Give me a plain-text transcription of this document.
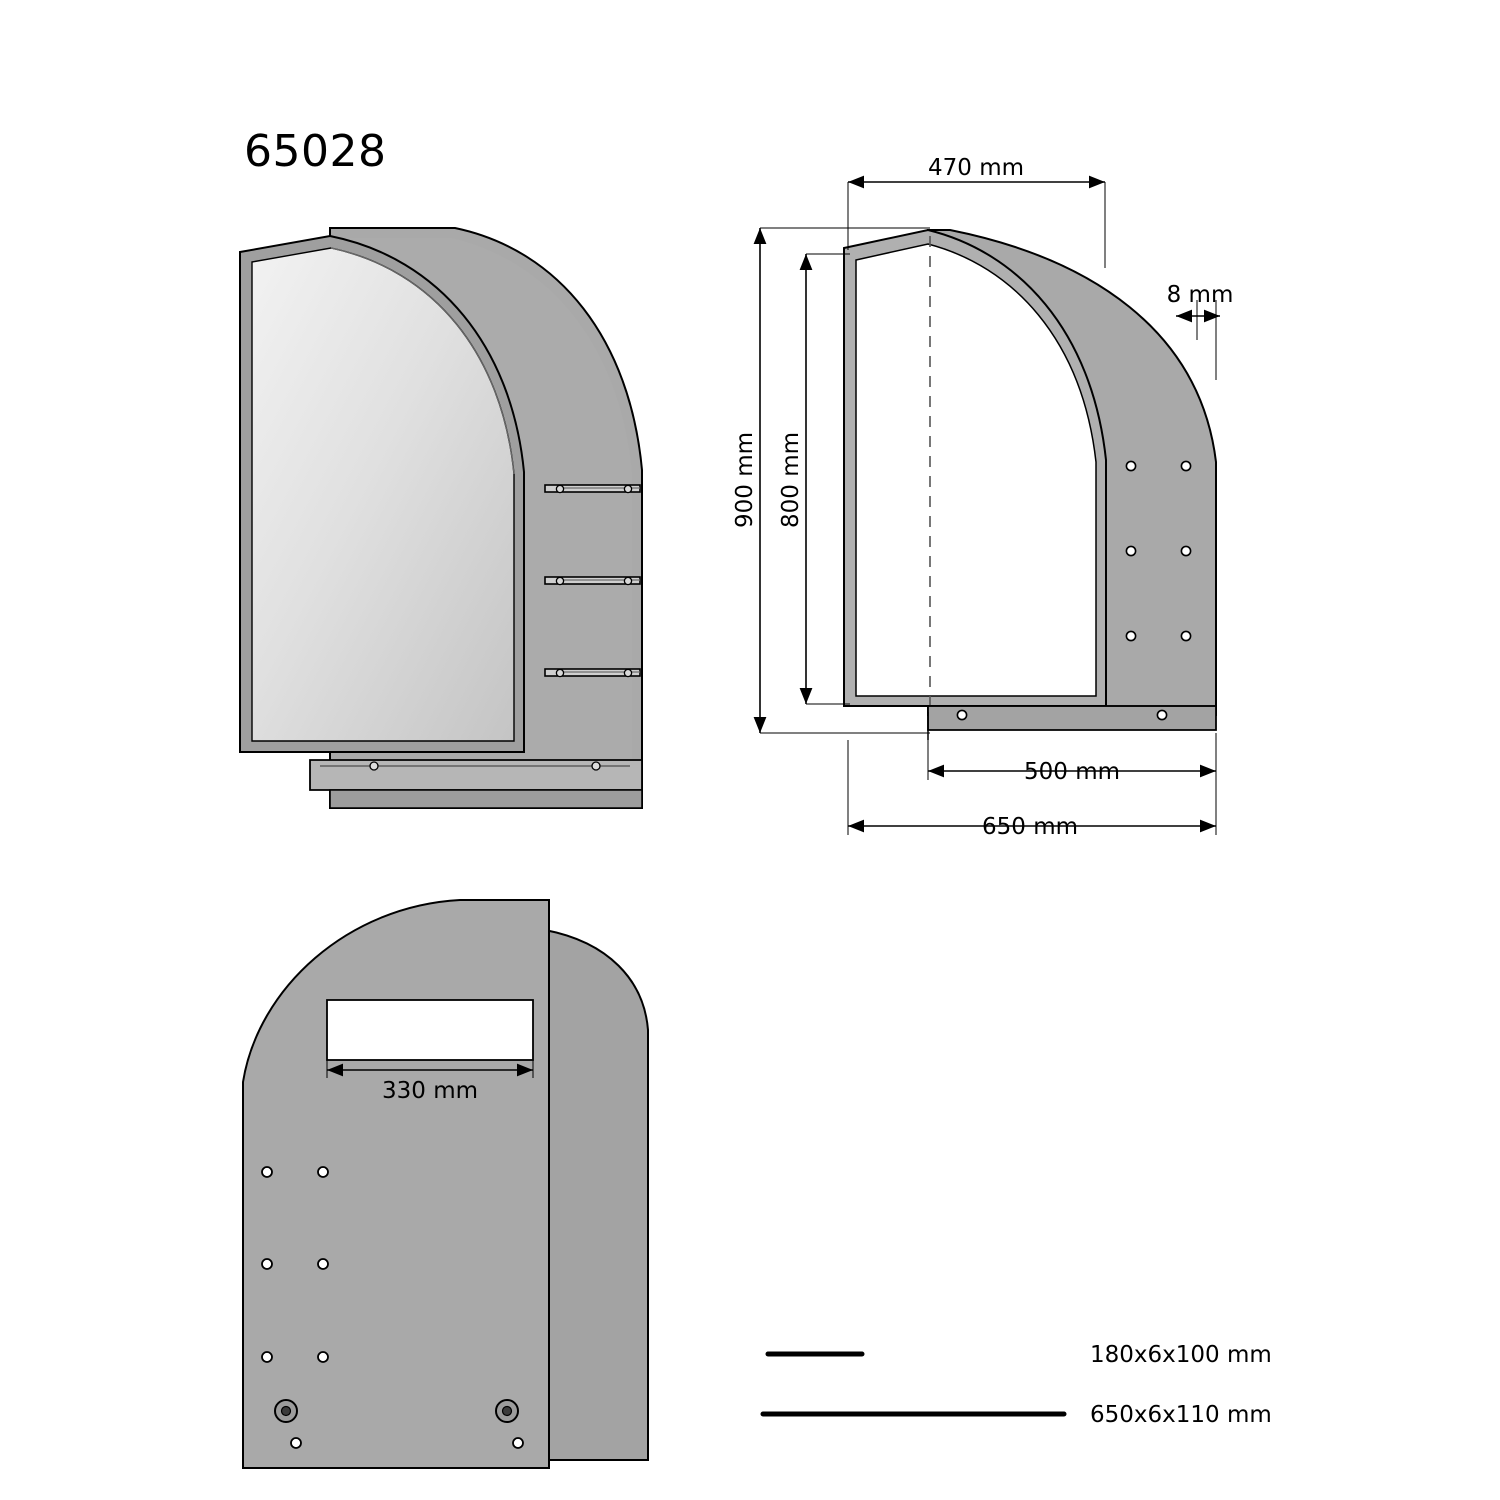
65028

	470 mm
8 mm
900 mm 800 mm
500 mm
650 mm
330 mm
180x6x100 mm
650x6x110 mm
